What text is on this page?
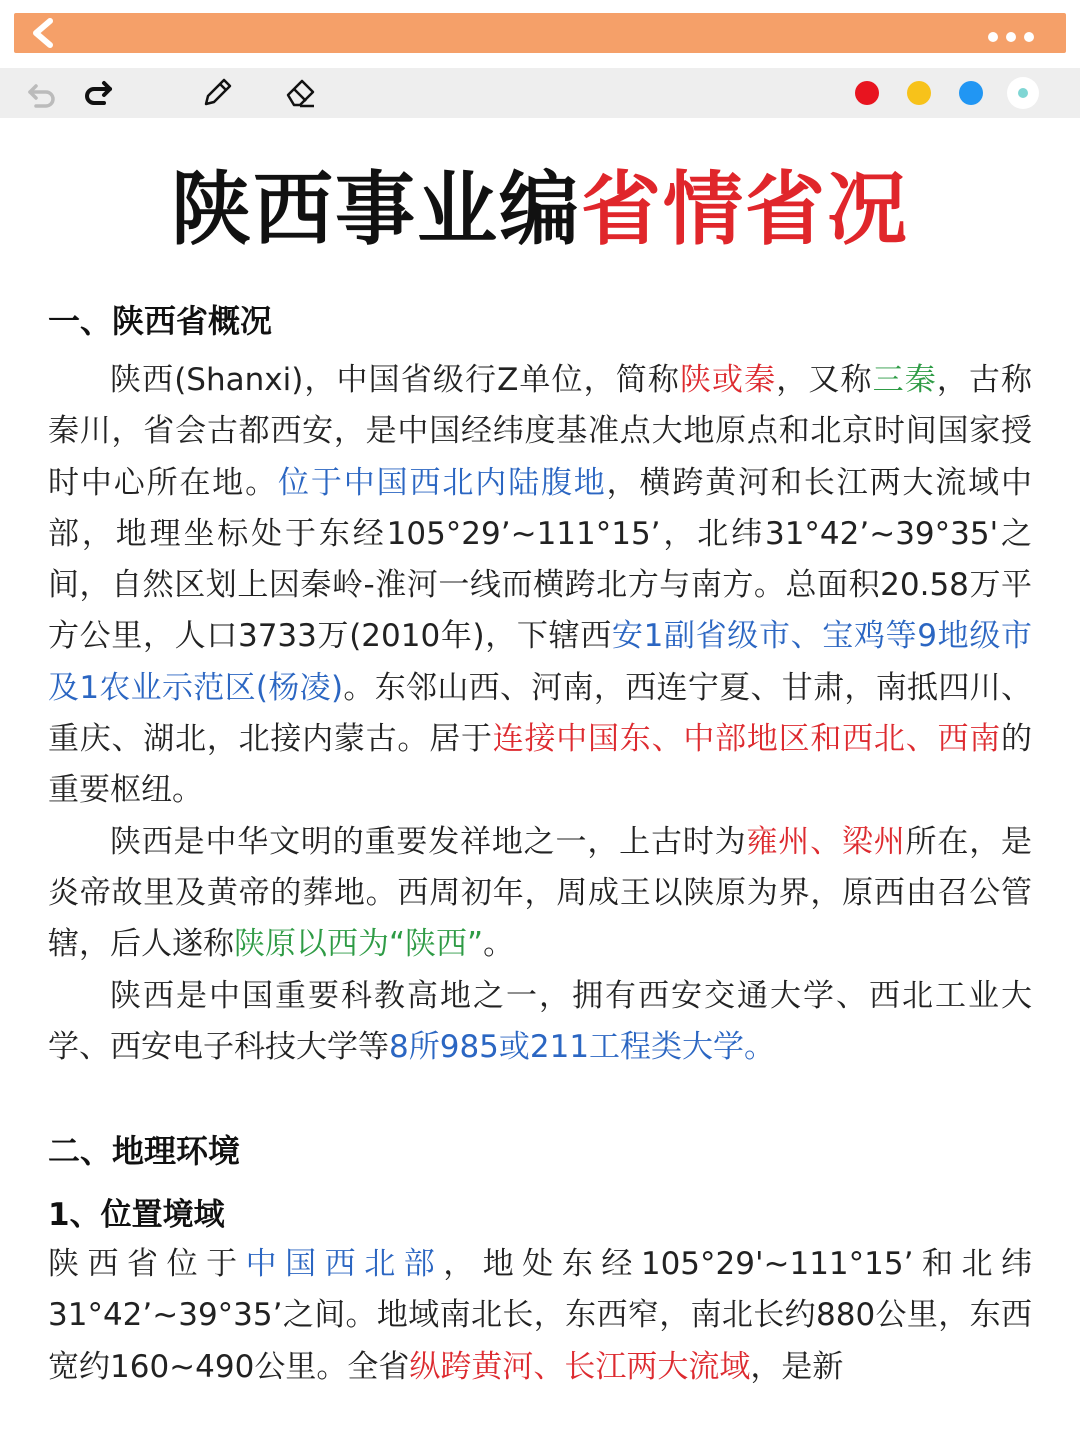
陕西事业编省情省况
一、陕西省概况

陕西(Shanxi)，中国省级行Z单位，简称陕或秦，又称三秦，古称秦川，省会古都西安，是中国经纬度基准点大地原点和北京时间国家授时中心所在地。位于中国西北内陆腹地，横跨黄河和长江两大流域中部，地理坐标处于东经105°29’~111°15’，北纬31°42’~39°35'之间，自然区划上因秦岭-淮河一线而横跨北方与南方。总面积20.58万平方公里，人口3733万(2010年)，下辖西安1副省级市、宝鸡等9地级市及1农业示范区(杨凌)。东邻山西、河南，西连宁夏、甘肃，南抵四川、重庆、湖北，北接内蒙古。居于连接中国东、中部地区和西北、西南的重要枢纽。

陕西是中华文明的重要发祥地之一，上古时为雍州、梁州所在，是炎帝故里及黄帝的葬地。西周初年，周成王以陕原为界，原西由召公管辖，后人遂称陕原以西为“陕西”。

陕西是中国重要科教高地之一，拥有西安交通大学、西北工业大学、西安电子科技大学等8所985或211工程类大学。

二、地理环境
1、位置境域

陕西省位于中国西北部，地处东经105°29'~111°15’和北纬31°42’~39°35’之间。地域南北长，东西窄，南北长约880公里，东西宽约160~490公里。全省纵跨黄河、长江两大流域，是新
